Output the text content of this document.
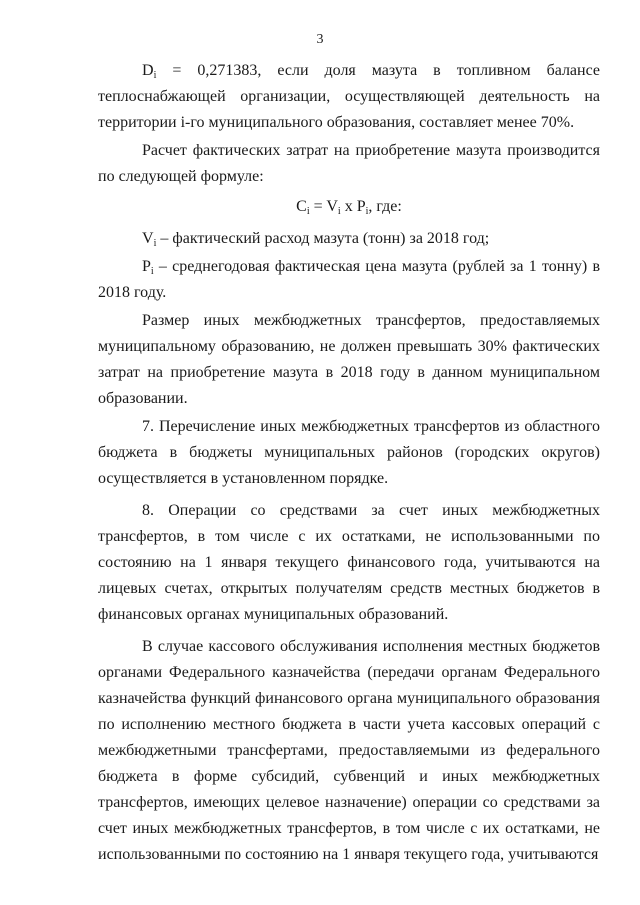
3

$D_i = 0,271383$, если доля мазута в топливном балансе теплоснабжающей организации, осуществляющей деятельность на территории i-го муниципального образования, составляет менее 70%.

Расчет фактических затрат на приобретение мазута производится по следующей формуле:

$C_i = V_i$ x $P_i$, где:

$V_i$ – фактический расход мазута (тонн) за 2018 год;

$P_i$ – среднегодовая фактическая цена мазута (рублей за 1 тонну) в 2018 году.

Размер иных межбюджетных трансфертов, предоставляемых муниципальному образованию, не должен превышать 30% фактических затрат на приобретение мазута в 2018 году в данном муниципальном образовании.

7. Перечисление иных межбюджетных трансфертов из областного бюджета в бюджеты муниципальных районов (городских округов) осуществляется в установленном порядке.

8. Операции со средствами за счет иных межбюджетных трансфертов, в том числе с их остатками, не использованными по состоянию на 1 января текущего финансового года, учитываются на лицевых счетах, открытых получателям средств местных бюджетов в финансовых органах муниципальных образований.

В случае кассового обслуживания исполнения местных бюджетов органами Федерального казначейства (передачи органам Федерального казначейства функций финансового органа муниципального образования по исполнению местного бюджета в части учета кассовых операций с межбюджетными трансфертами, предоставляемыми из федерального бюджета в форме субсидий, субвенций и иных межбюджетных трансфертов, имеющих целевое назначение) операции со средствами за счет иных межбюджетных трансфертов, в том числе с их остатками, не использованными по состоянию на 1 января текущего года, учитываются
